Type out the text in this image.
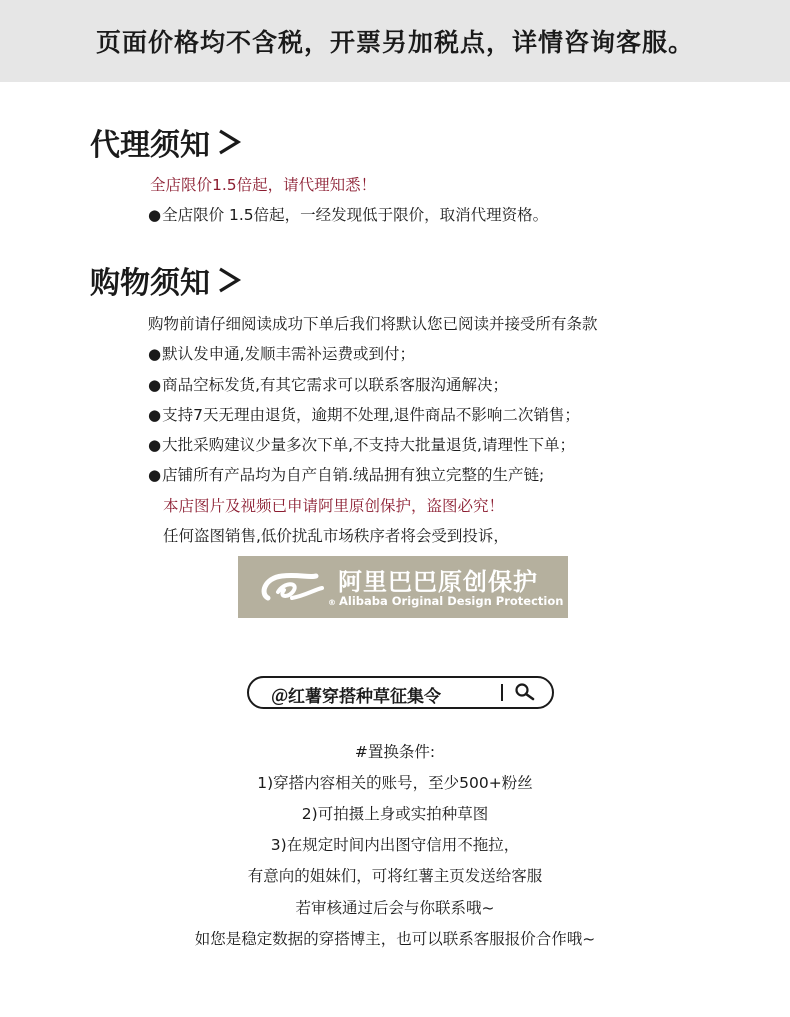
页面价格均不含税，开票另加税点，详情咨询客服。
代理须知
全店限价1.5倍起，请代理知悉！
●全店限价 1.5倍起，一经发现低于限价，取消代理资格。
购物须知
购物前请仔细阅读成功下单后我们将默认您已阅读并接受所有条款
●默认发申通,发顺丰需补运费或到付；
●商品空标发货,有其它需求可以联系客服沟通解决；
●支持7天无理由退货，逾期不处理,退件商品不影响二次销售；
●大批采购建议少量多次下单,不支持大批量退货,请理性下单；
●店铺所有产品均为自产自销.绒品拥有独立完整的生产链;
本店图片及视频已申请阿里原创保护，盗图必究！
任何盗图销售,低价扰乱市场秩序者将会受到投诉，
阿里巴巴原创保护
® Alibaba Original Design Protection
＠红薯穿搭种草征集令
#置换条件:
1)穿搭内容相关的账号，至少500+粉丝
2)可拍摄上身或实拍种草图
3)在规定时间内出图守信用不拖拉，
有意向的姐妹们，可将红薯主页发送给客服
若审核通过后会与你联系哦~
如您是稳定数据的穿搭博主，也可以联系客服报价合作哦~
